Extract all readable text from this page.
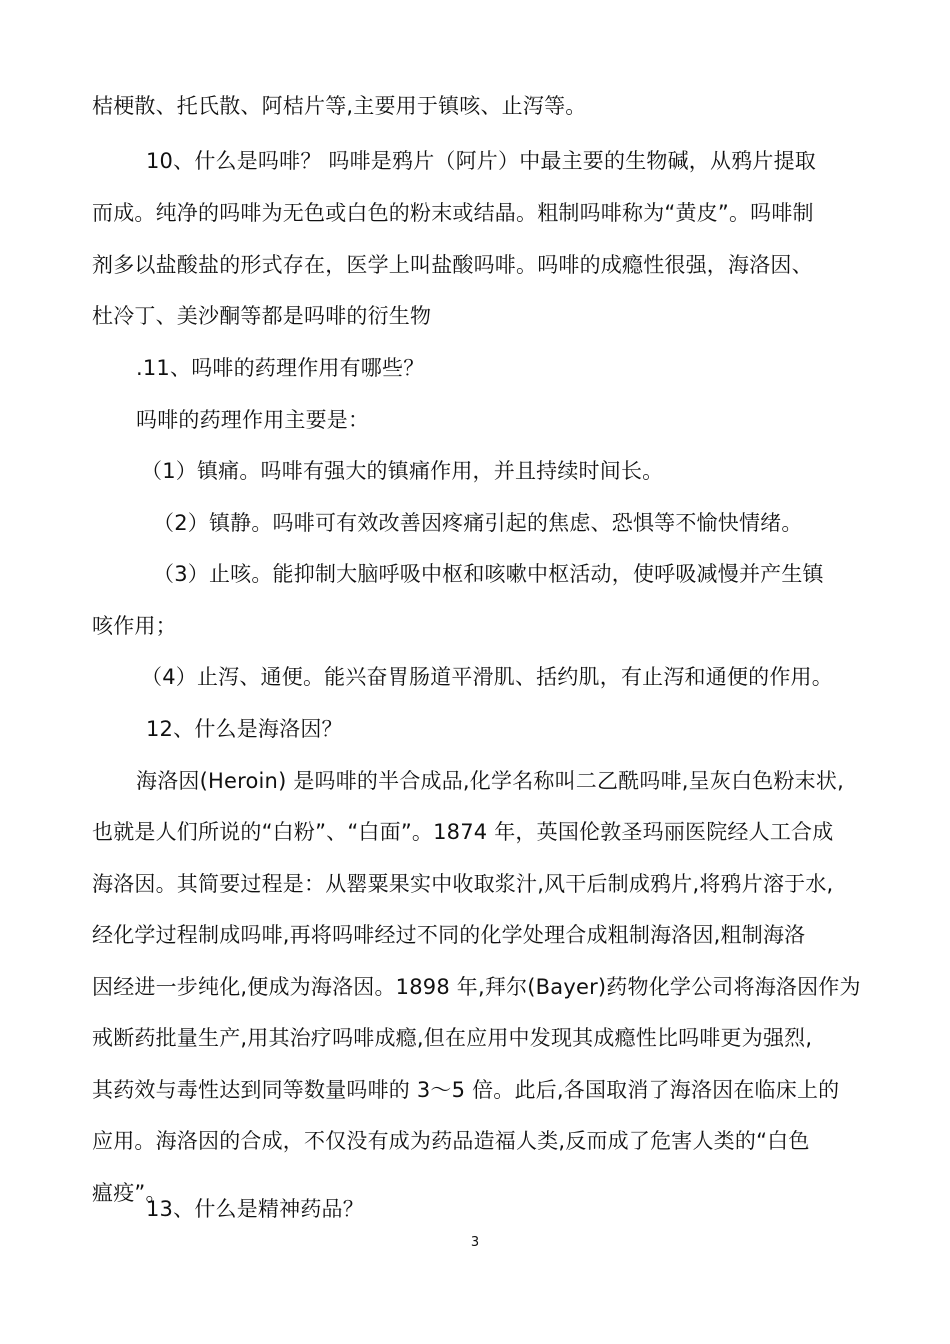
桔梗散、托氏散、阿桔片等,主要用于镇咳、止泻等。
10、什么是吗啡？ 吗啡是鸦片（阿片）中最主要的生物碱，从鸦片提取
而成。纯净的吗啡为无色或白色的粉末或结晶。粗制吗啡称为“黄皮”。吗啡制
剂多以盐酸盐的形式存在，医学上叫盐酸吗啡。吗啡的成瘾性很强，海洛因、
杜冷丁、美沙酮等都是吗啡的衍生物
.11、吗啡的药理作用有哪些？
吗啡的药理作用主要是：
（1）镇痛。吗啡有强大的镇痛作用，并且持续时间长。
（2）镇静。吗啡可有效改善因疼痛引起的焦虑、恐惧等不愉快情绪。
（3）止咳。能抑制大脑呼吸中枢和咳嗽中枢活动，使呼吸减慢并产生镇
咳作用；
（4）止泻、通便。能兴奋胃肠道平滑肌、括约肌，有止泻和通便的作用。
12、什么是海洛因？
海洛因(Heroin) 是吗啡的半合成品,化学名称叫二乙酰吗啡,呈灰白色粉末状,
也就是人们所说的“白粉”、“白面”。1874 年，英国伦敦圣玛丽医院经人工合成
海洛因。其简要过程是：从罂粟果实中收取浆汁,风干后制成鸦片,将鸦片溶于水,
经化学过程制成吗啡,再将吗啡经过不同的化学处理合成粗制海洛因,粗制海洛
因经进一步纯化,便成为海洛因。1898 年,拜尔(Bayer)药物化学公司将海洛因作为
戒断药批量生产,用其治疗吗啡成瘾,但在应用中发现其成瘾性比吗啡更为强烈,
其药效与毒性达到同等数量吗啡的 3～5 倍。此后,各国取消了海洛因在临床上的
应用。海洛因的合成，不仅没有成为药品造福人类,反而成了危害人类的“白色
瘟疫”。
13、什么是精神药品？
3
